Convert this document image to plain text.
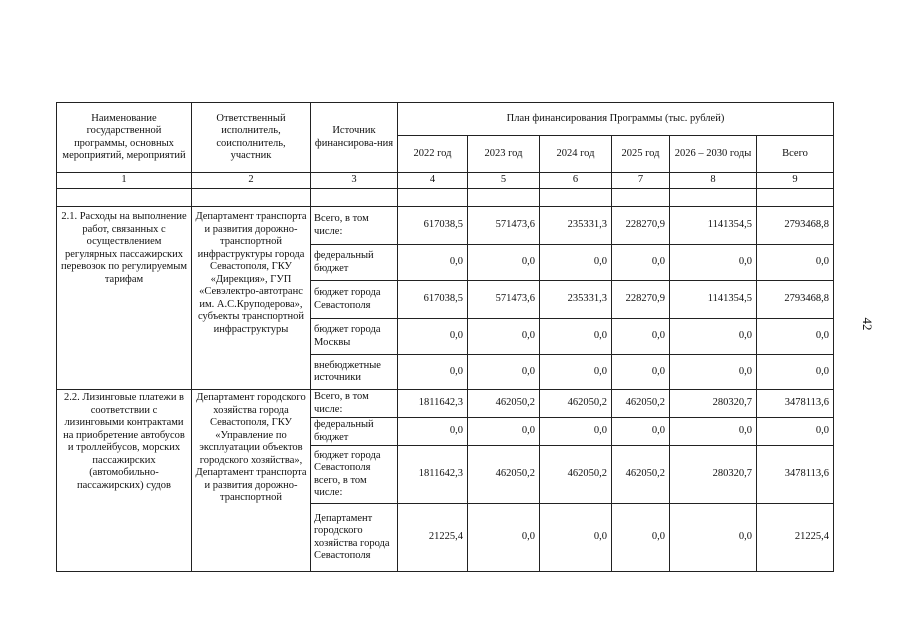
42
Наименование государственной программы, основных мероприятий, мероприятий	Ответственный исполнитель, соисполнитель, участник	Источник финансирова-ния	План финансирования Программы (тыс. рублей)					
			2022 год	2023 год	2024 год	2025 год	2026 – 2030 годы	Всего
1	2	3	4	5	6	7	8	9

2.1. Расходы на выполнение работ, связанных с осуществлением регулярных пассажирских перевозок по регулируемым тарифам	Департамент транспорта и развития дорожно-транспортной инфраструктуры города Севастополя, ГКУ «Дирекция», ГУП «Севэлектро-автотранс им. А.С.Круподерова», субъекты транспортной инфраструктуры	Всего, в том числе:	617038,5	571473,6	235331,3	228270,9	1141354,5	2793468,8
		федеральный бюджет	0,0	0,0	0,0	0,0	0,0	0,0
		бюджет города Севастополя	617038,5	571473,6	235331,3	228270,9	1141354,5	2793468,8
		бюджет города Москвы	0,0	0,0	0,0	0,0	0,0	0,0
		внебюджетные источники	0,0	0,0	0,0	0,0	0,0	0,0
2.2. Лизинговые платежи в соответствии с лизинговыми контрактами на приобретение автобусов и троллейбусов, морских пассажирских (автомобильно-пассажирских) судов	Департамент городского хозяйства города Севастополя, ГКУ «Управление по эксплуатации объектов городского хозяйства», Департамент транспорта и развития дорожно-транспортной	Всего, в том числе:	1811642,3	462050,2	462050,2	462050,2	280320,7	3478113,6
		федеральный бюджет	0,0	0,0	0,0	0,0	0,0	0,0
		бюджет города Севастополя всего, в том числе:	1811642,3	462050,2	462050,2	462050,2	280320,7	3478113,6
		Департамент городского хозяйства города Севастополя	21225,4	0,0	0,0	0,0	0,0	21225,4
